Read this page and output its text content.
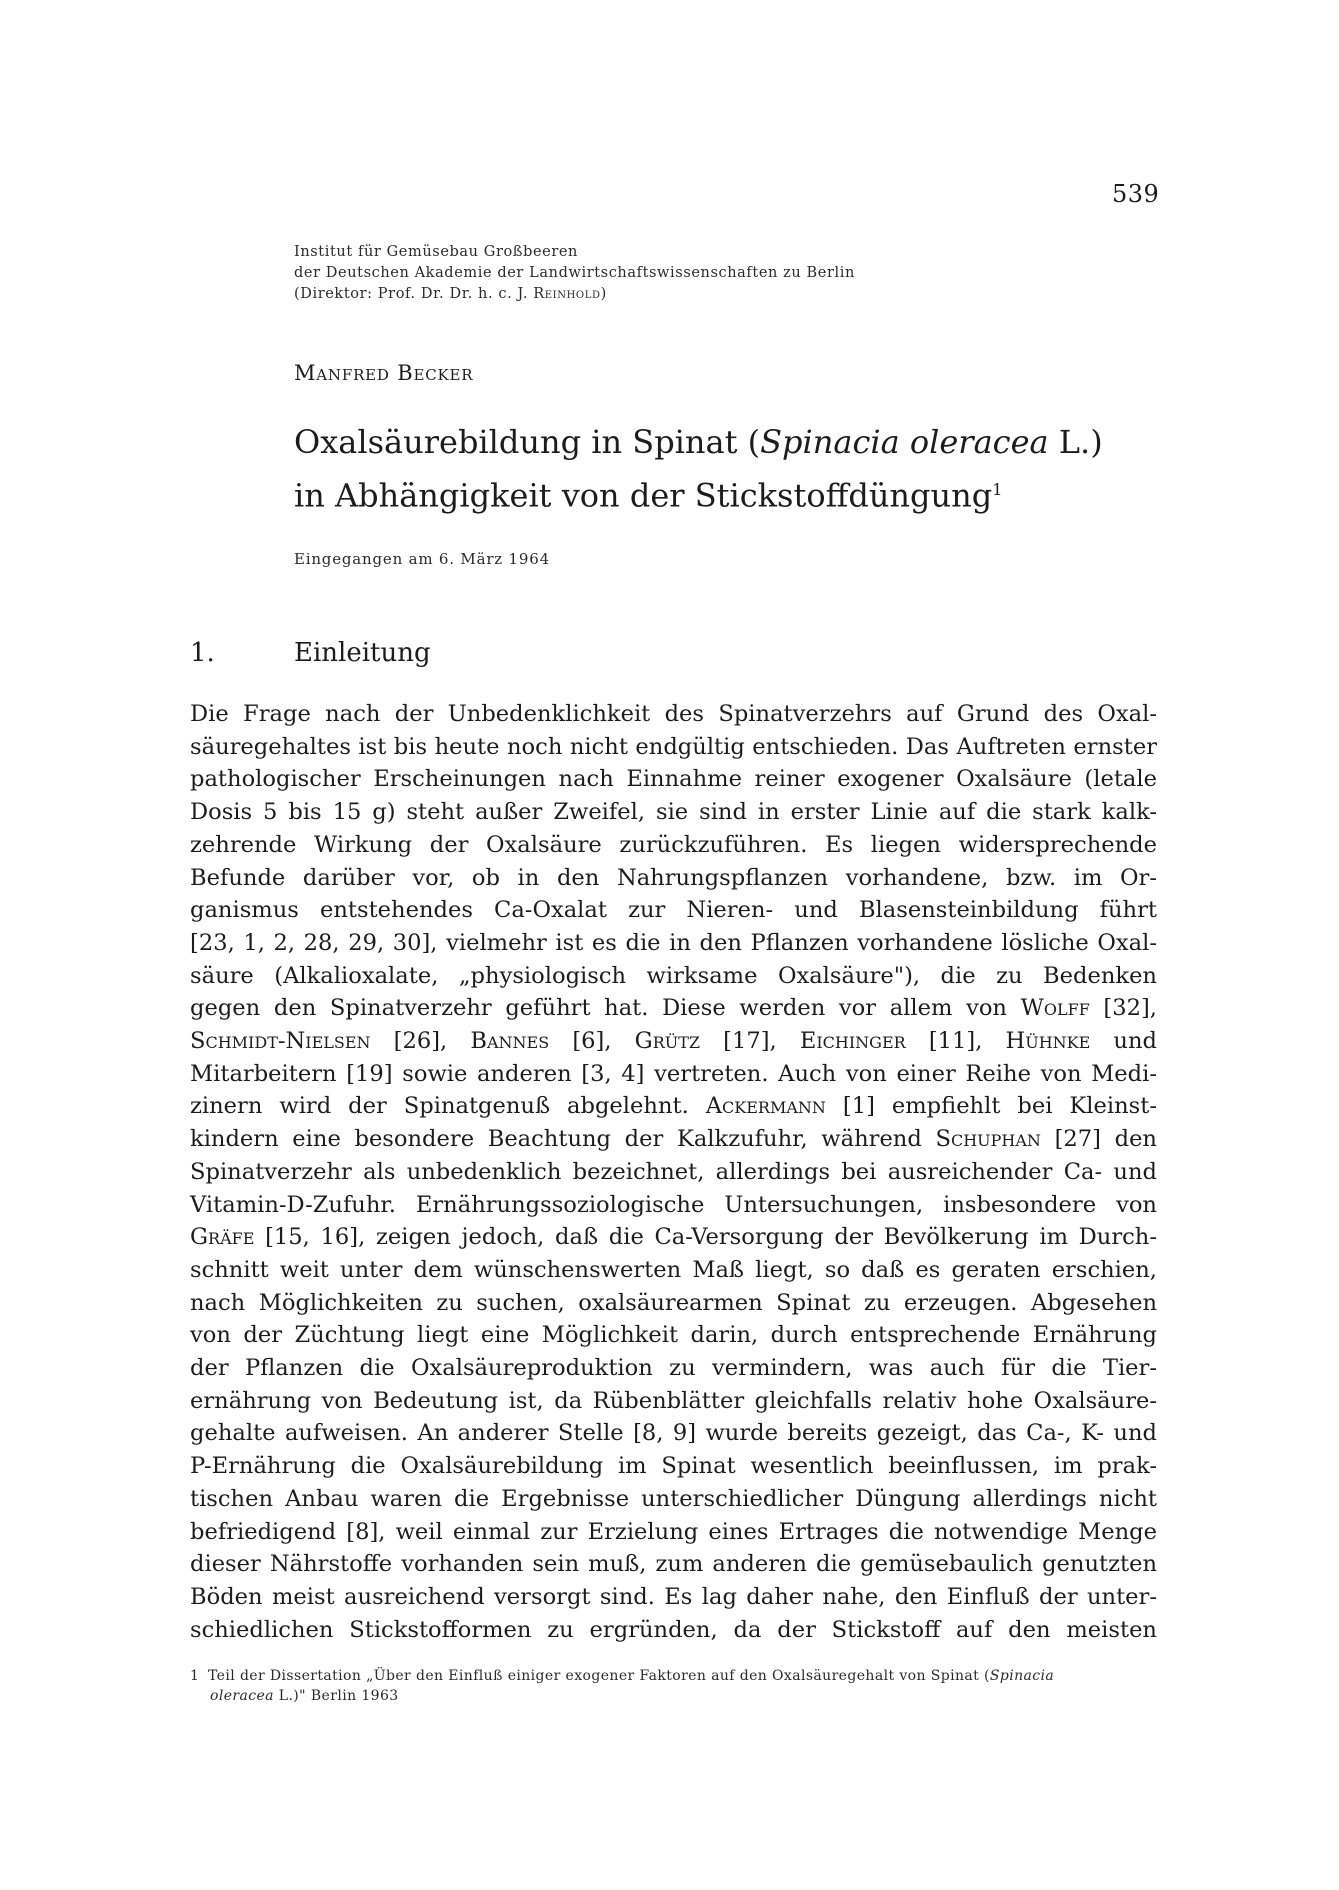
539
Institut für Gemüsebau Großbeeren
der Deutschen Akademie der Landwirtschaftswissenschaften zu Berlin
(Direktor: Prof. Dr. Dr. h. c. J. Reinhold)
Manfred Becker
Oxalsäurebildung in Spinat (Spinacia oleracea L.)
in Abhängigkeit von der Stickstoffdüngung$^1$
Eingegangen am 6. März 1964
1.	Einleitung
Die Frage nach der Unbedenklichkeit des Spinatverzehrs auf Grund des Oxal-
säuregehaltes ist bis heute noch nicht endgültig entschieden. Das Auftreten ernster
pathologischer Erscheinungen nach Einnahme reiner exogener Oxalsäure (letale
Dosis 5 bis 15 g) steht außer Zweifel, sie sind in erster Linie auf die stark kalk-
zehrende Wirkung der Oxalsäure zurückzuführen. Es liegen widersprechende
Befunde darüber vor, ob in den Nahrungspflanzen vorhandene, bzw. im Or-
ganismus entstehendes Ca-Oxalat zur Nieren- und Blasensteinbildung führt
[23, 1, 2, 28, 29, 30], vielmehr ist es die in den Pflanzen vorhandene lösliche Oxal-
säure (Alkalioxalate, „physiologisch wirksame Oxalsäure"), die zu Bedenken
gegen den Spinatverzehr geführt hat. Diese werden vor allem von Wolff [32],
Schmidt-Nielsen [26], Bannes [6], Grütz [17], Eichinger [11], Hühnke und
Mitarbeitern [19] sowie anderen [3, 4] vertreten. Auch von einer Reihe von Medi-
zinern wird der Spinatgenuß abgelehnt. Ackermann [1] empfiehlt bei Kleinst-
kindern eine besondere Beachtung der Kalkzufuhr, während Schuphan [27] den
Spinatverzehr als unbedenklich bezeichnet, allerdings bei ausreichender Ca- und
Vitamin-D-Zufuhr. Ernährungssoziologische Untersuchungen, insbesondere von
Gräfe [15, 16], zeigen jedoch, daß die Ca-Versorgung der Bevölkerung im Durch-
schnitt weit unter dem wünschenswerten Maß liegt, so daß es geraten erschien,
nach Möglichkeiten zu suchen, oxalsäurearmen Spinat zu erzeugen. Abgesehen
von der Züchtung liegt eine Möglichkeit darin, durch entsprechende Ernährung
der Pflanzen die Oxalsäureproduktion zu vermindern, was auch für die Tier-
ernährung von Bedeutung ist, da Rübenblätter gleichfalls relativ hohe Oxalsäure-
gehalte aufweisen. An anderer Stelle [8, 9] wurde bereits gezeigt, das Ca-, K- und
P-Ernährung die Oxalsäurebildung im Spinat wesentlich beeinflussen, im prak-
tischen Anbau waren die Ergebnisse unterschiedlicher Düngung allerdings nicht
befriedigend [8], weil einmal zur Erzielung eines Ertrages die notwendige Menge
dieser Nährstoffe vorhanden sein muß, zum anderen die gemüsebaulich genutzten
Böden meist ausreichend versorgt sind. Es lag daher nahe, den Einfluß der unter-
schiedlichen Stickstofformen zu ergründen, da der Stickstoff auf den meisten
1 Teil der Dissertation „Über den Einfluß einiger exogener Faktoren auf den Oxalsäuregehalt von Spinat (Spinacia
oleracea L.)" Berlin 1963
